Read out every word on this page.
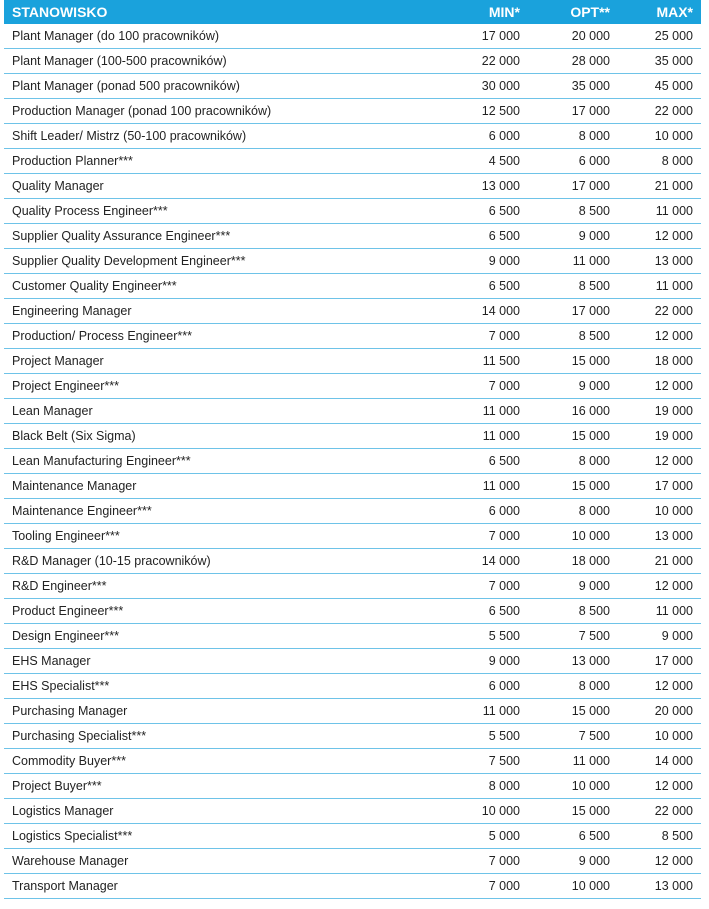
STANOWISKO	MIN*	OPT**	MAX*
Plant Manager (do 100 pracowników)	17 000	20 000	25 000
Plant Manager (100-500 pracowników)	22 000	28 000	35 000
Plant Manager (ponad 500 pracowników)	30 000	35 000	45 000
Production Manager (ponad 100 pracowników)	12 500	17 000	22 000
Shift Leader/ Mistrz (50-100 pracowników)	6 000	8 000	10 000
Production Planner***	4 500	6 000	8 000
Quality Manager	13 000	17 000	21 000
Quality Process Engineer***	6 500	8 500	11 000
Supplier Quality Assurance Engineer***	6 500	9 000	12 000
Supplier Quality Development Engineer***	9 000	11 000	13 000
Customer Quality Engineer***	6 500	8 500	11 000
Engineering Manager	14 000	17 000	22 000
Production/ Process Engineer***	7 000	8 500	12 000
Project Manager	11 500	15 000	18 000
Project Engineer***	7 000	9 000	12 000
Lean Manager	11 000	16 000	19 000
Black Belt (Six Sigma)	11 000	15 000	19 000
Lean Manufacturing Engineer***	6 500	8 000	12 000
Maintenance Manager	11 000	15 000	17 000
Maintenance Engineer***	6 000	8 000	10 000
Tooling Engineer***	7 000	10 000	13 000
R&D Manager (10-15 pracowników)	14 000	18 000	21 000
R&D Engineer***	7 000	9 000	12 000
Product Engineer***	6 500	8 500	11 000
Design Engineer***	5 500	7 500	9 000
EHS Manager	9 000	13 000	17 000
EHS Specialist***	6 000	8 000	12 000
Purchasing Manager	11 000	15 000	20 000
Purchasing Specialist***	5 500	7 500	10 000
Commodity Buyer***	7 500	11 000	14 000
Project Buyer***	8 000	10 000	12 000
Logistics Manager	10 000	15 000	22 000
Logistics Specialist***	5 000	6 500	8 500
Warehouse Manager	7 000	9 000	12 000
Transport Manager	7 000	10 000	13 000
